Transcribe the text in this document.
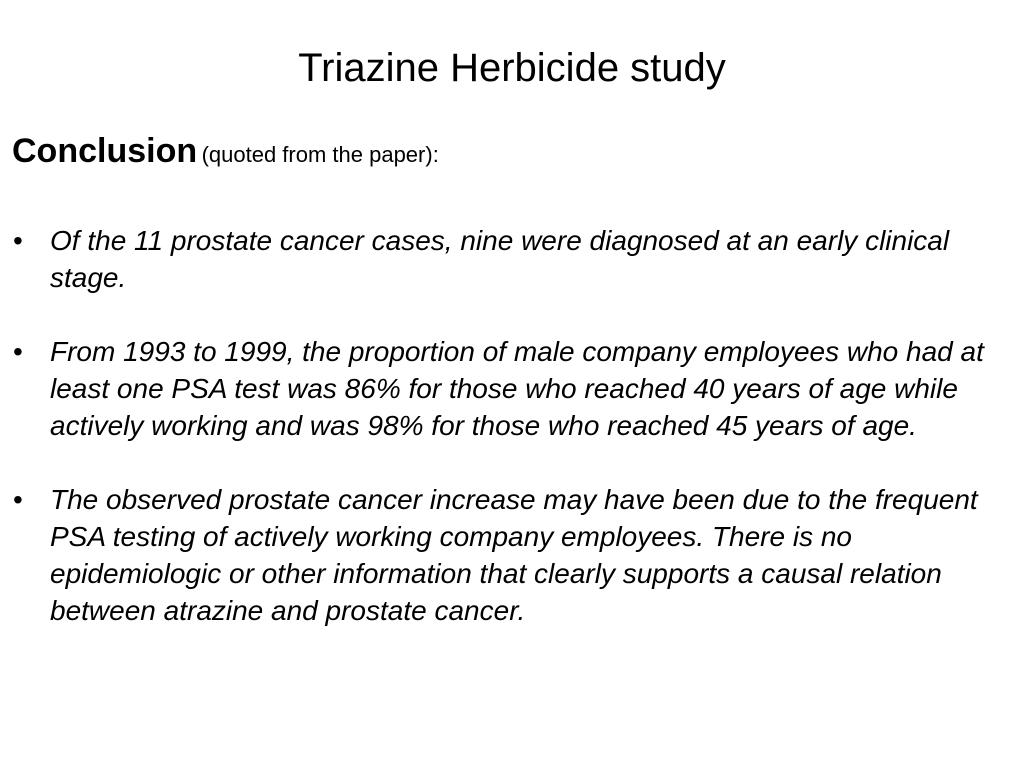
Triazine Herbicide study

Conclusion (quoted from the paper):

• Of the 11 prostate cancer cases, nine were diagnosed at an early clinical stage.
• From 1993 to 1999, the proportion of male company employees who had at least one PSA test was 86% for those who reached 40 years of age while actively working and was 98% for those who reached 45 years of age.
• The observed prostate cancer increase may have been due to the frequent PSA testing of actively working company employees. There is no epidemiologic or other information that clearly supports a causal relation between atrazine and prostate cancer.
